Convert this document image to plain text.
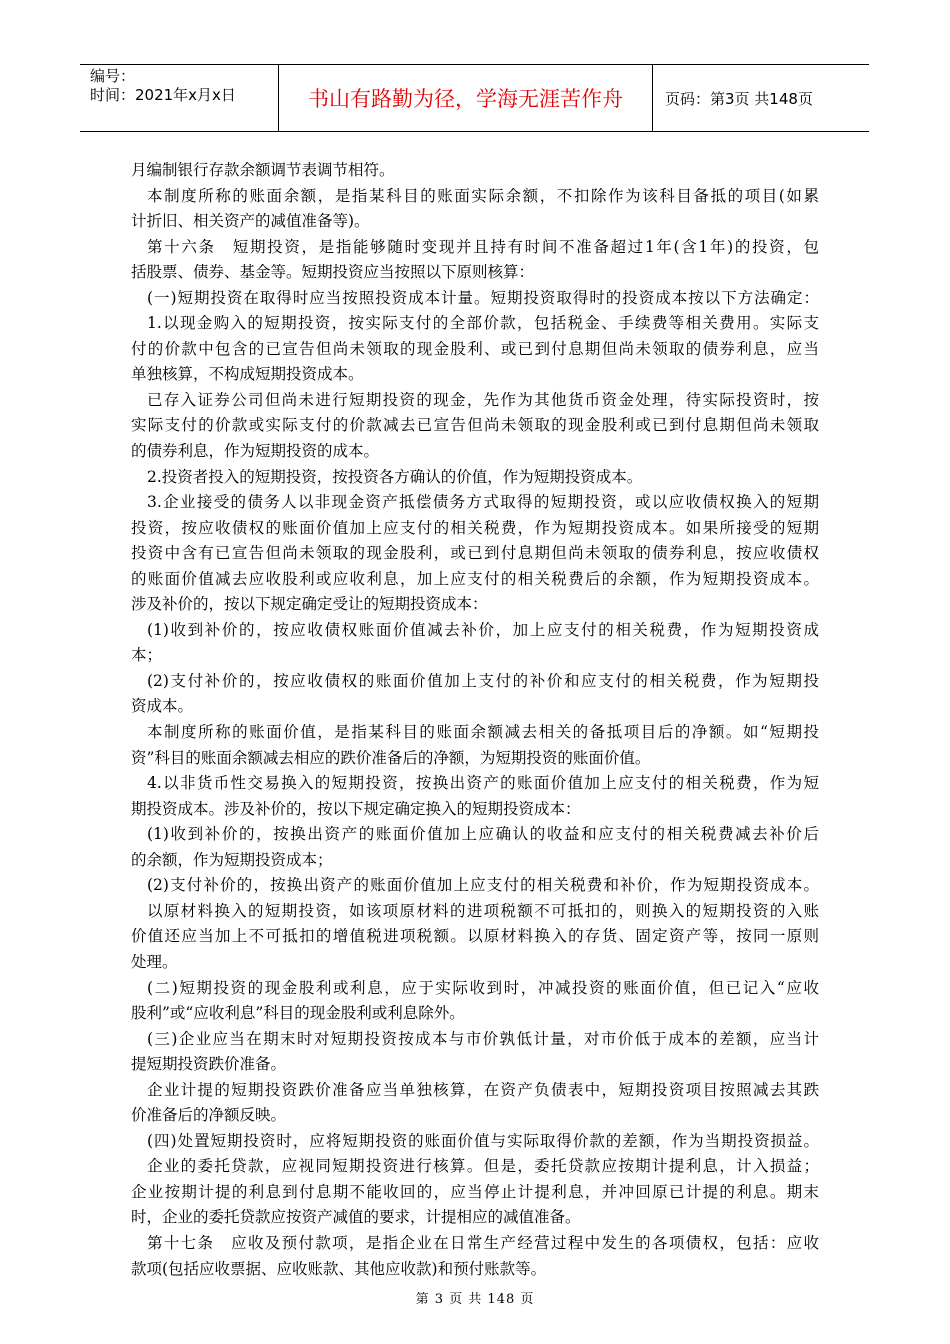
编号：
时间：2021年x月x日	书山有路勤为径，学海无涯苦作舟	页码：第3页 共148页
月编制银行存款余额调节表调节相符。
本制度所称的账面余额，是指某科目的账面实际余额，不扣除作为该科目备抵的项目(如累
计折旧、相关资产的减值准备等)。
第十六条　短期投资，是指能够随时变现并且持有时间不准备超过1年(含1年)的投资，包
括股票、债券、基金等。短期投资应当按照以下原则核算：
(一)短期投资在取得时应当按照投资成本计量。短期投资取得时的投资成本按以下方法确定：
1.以现金购入的短期投资，按实际支付的全部价款，包括税金、手续费等相关费用。实际支
付的价款中包含的已宣告但尚未领取的现金股利、或已到付息期但尚未领取的债券利息，应当
单独核算，不构成短期投资成本。
已存入证券公司但尚未进行短期投资的现金，先作为其他货币资金处理，待实际投资时，按
实际支付的价款或实际支付的价款减去已宣告但尚未领取的现金股利或已到付息期但尚未领取
的债券利息，作为短期投资的成本。
2.投资者投入的短期投资，按投资各方确认的价值，作为短期投资成本。
3.企业接受的债务人以非现金资产抵偿债务方式取得的短期投资，或以应收债权换入的短期
投资，按应收债权的账面价值加上应支付的相关税费，作为短期投资成本。如果所接受的短期
投资中含有已宣告但尚未领取的现金股利，或已到付息期但尚未领取的债券利息，按应收债权
的账面价值减去应收股利或应收利息，加上应支付的相关税费后的余额，作为短期投资成本。
涉及补价的，按以下规定确定受让的短期投资成本：
(1)收到补价的，按应收债权账面价值减去补价，加上应支付的相关税费，作为短期投资成
本；
(2)支付补价的，按应收债权的账面价值加上支付的补价和应支付的相关税费，作为短期投
资成本。
本制度所称的账面价值，是指某科目的账面余额减去相关的备抵项目后的净额。如“短期投
资”科目的账面余额减去相应的跌价准备后的净额，为短期投资的账面价值。
4.以非货币性交易换入的短期投资，按换出资产的账面价值加上应支付的相关税费，作为短
期投资成本。涉及补价的，按以下规定确定换入的短期投资成本：
(1)收到补价的，按换出资产的账面价值加上应确认的收益和应支付的相关税费减去补价后
的余额，作为短期投资成本；
(2)支付补价的，按换出资产的账面价值加上应支付的相关税费和补价，作为短期投资成本。
以原材料换入的短期投资，如该项原材料的进项税额不可抵扣的，则换入的短期投资的入账
价值还应当加上不可抵扣的增值税进项税额。以原材料换入的存货、固定资产等，按同一原则
处理。
(二)短期投资的现金股利或利息，应于实际收到时，冲减投资的账面价值，但已记入“应收
股利”或“应收利息”科目的现金股利或利息除外。
(三)企业应当在期末时对短期投资按成本与市价孰低计量，对市价低于成本的差额，应当计
提短期投资跌价准备。
企业计提的短期投资跌价准备应当单独核算，在资产负债表中，短期投资项目按照减去其跌
价准备后的净额反映。
(四)处置短期投资时，应将短期投资的账面价值与实际取得价款的差额，作为当期投资损益。
企业的委托贷款，应视同短期投资进行核算。但是，委托贷款应按期计提利息，计入损益；
企业按期计提的利息到付息期不能收回的，应当停止计提利息，并冲回原已计提的利息。期末
时，企业的委托贷款应按资产减值的要求，计提相应的减值准备。
第十七条　应收及预付款项，是指企业在日常生产经营过程中发生的各项债权，包括：应收
款项(包括应收票据、应收账款、其他应收款)和预付账款等。
第 3 页 共 148 页
